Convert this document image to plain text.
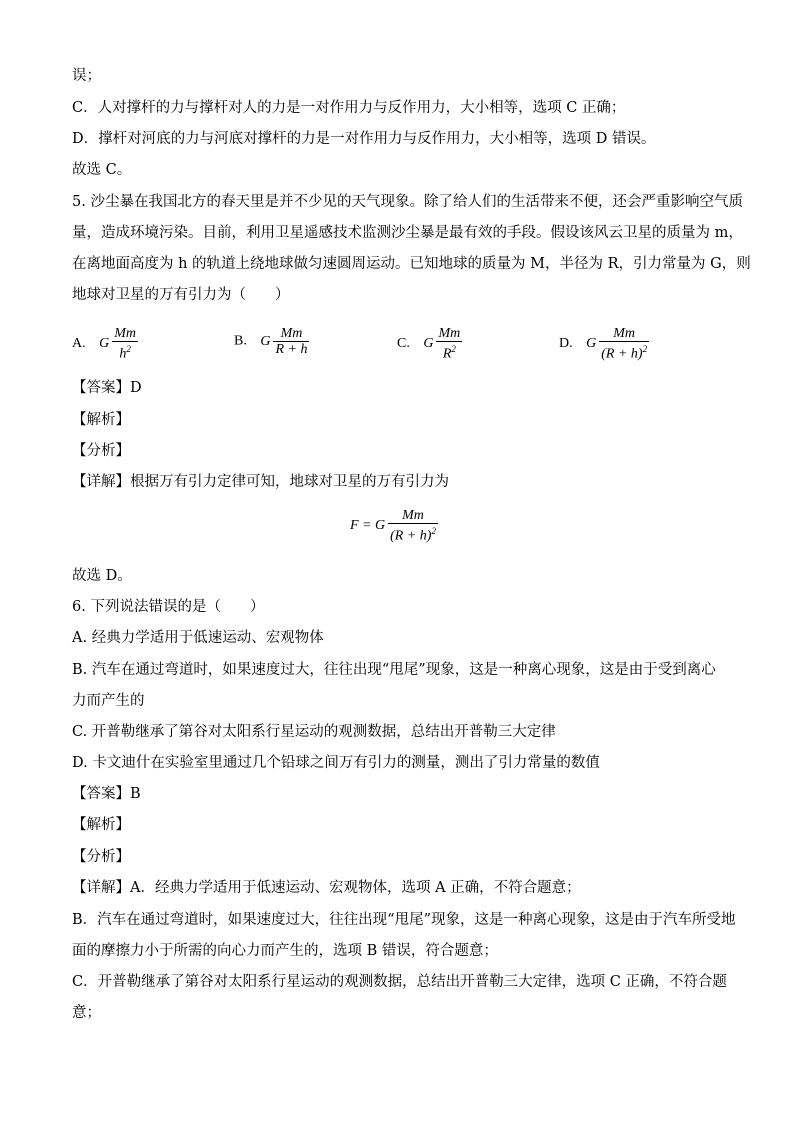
误；
C．人对撑杆的力与撑杆对人的力是一对作用力与反作用力，大小相等，选项 C 正确；
D．撑杆对河底的力与河底对撑杆的力是一对作用力与反作用力，大小相等，选项 D 错误。
故选 C。
5. 沙尘暴在我国北方的春天里是并不少见的天气现象。除了给人们的生活带来不便，还会严重影响空气质
量，造成环境污染。目前，利用卫星遥感技术监测沙尘暴是最有效的手段。假设该风云卫星的质量为 m，
在离地面高度为 h 的轨道上绕地球做匀速圆周运动。已知地球的质量为 M，半径为 R，引力常量为 G，则
地球对卫星的万有引力为（　　）
A. G $\frac{Mm}{h^2}$	B. G $\frac{Mm}{R + h}$	C. G $\frac{Mm}{R^2}$	D. G $\frac{Mm}{(R + h)^2}$
【答案】D
【解析】
【分析】
【详解】根据万有引力定律可知，地球对卫星的万有引力为
F = G $\frac{Mm}{(R + h)^2}$
故选 D。
6. 下列说法错误的是（　　）
A. 经典力学适用于低速运动、宏观物体
B. 汽车在通过弯道时，如果速度过大，往往出现“甩尾”现象，这是一种离心现象，这是由于受到离心
力而产生的
C. 开普勒继承了第谷对太阳系行星运动的观测数据，总结出开普勒三大定律
D. 卡文迪什在实验室里通过几个铅球之间万有引力的测量，测出了引力常量的数值
【答案】B
【解析】
【分析】
【详解】A．经典力学适用于低速运动、宏观物体，选项 A 正确，不符合题意；
B．汽车在通过弯道时，如果速度过大，往往出现“甩尾”现象，这是一种离心现象，这是由于汽车所受地
面的摩擦力小于所需的向心力而产生的，选项 B 错误，符合题意；
C．开普勒继承了第谷对太阳系行星运动的观测数据，总结出开普勒三大定律，选项 C 正确，不符合题
意；
